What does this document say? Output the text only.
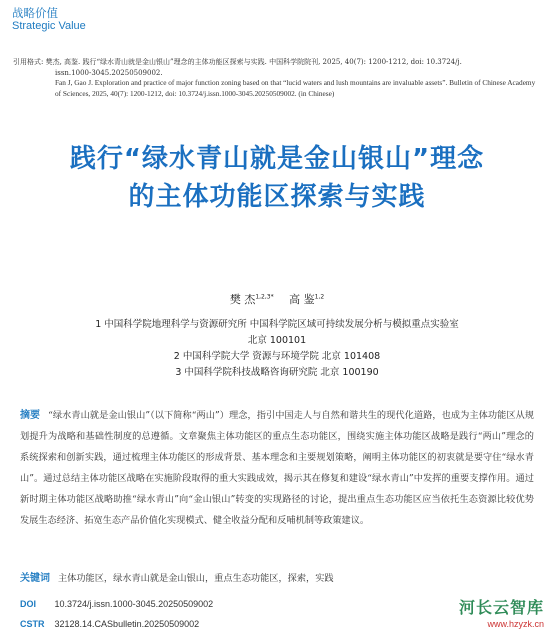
战略价值
Strategic Value
引用格式: 樊杰, 高鉴. 践行“绿水青山就是金山银山”理念的主体功能区探索与实践. 中国科学院院刊, 2025, 40(7): 1200-1212, doi: 10.3724/j.
issn.1000-3045.20250509002.
Fan J, Gao J. Exploration and practice of major function zoning based on that “lucid waters and lush mountains are invaluable assets”. Bulletin of Chinese Academy of Sciences, 2025, 40(7): 1200-1212, doi: 10.3724/j.issn.1000-3045.20250509002. (in Chinese)
践行“绿水青山就是金山银山”理念
的主体功能区探索与实践
樊 杰$^{1,2,3*}$ 高 鉴$^{1,2}$
1 中国科学院地理科学与资源研究所 中国科学院区域可持续发展分析与模拟重点实验室
北京 100101
2 中国科学院大学 资源与环境学院 北京 101408
3 中国科学院科技战略咨询研究院 北京 100190
摘要 “绿水青山就是金山银山”（以下简称“两山”）理念，指引中国走人与自然和谐共生的现代化道路，也成为主体功能区从规划提升为战略和基础性制度的总遵循。文章聚焦主体功能区的重点生态功能区，围绕实施主体功能区战略是践行“两山”理念的系统探索和创新实践，通过梳理主体功能区的形成背景、基本理念和主要规划策略，阐明主体功能区的初衷就是要守住“绿水青山”。通过总结主体功能区战略在实施阶段取得的重大实践成效，揭示其在修复和建设“绿水青山”中发挥的重要支撑作用。通过新时期主体功能区战略助推“绿水青山”向“金山银山”转变的实现路径的讨论，提出重点生态功能区应当依托生态资源比较优势发展生态经济、拓宽生态产品价值化实现模式、健全收益分配和反哺机制等政策建议。
关键词 主体功能区，绿水青山就是金山银山，重点生态功能区，探索，实践
DOI 10.3724/j.issn.1000-3045.20250509002
CSTR 32128.14.CASbulletin.20250509002
河长云智库
www.hzyzk.cn
